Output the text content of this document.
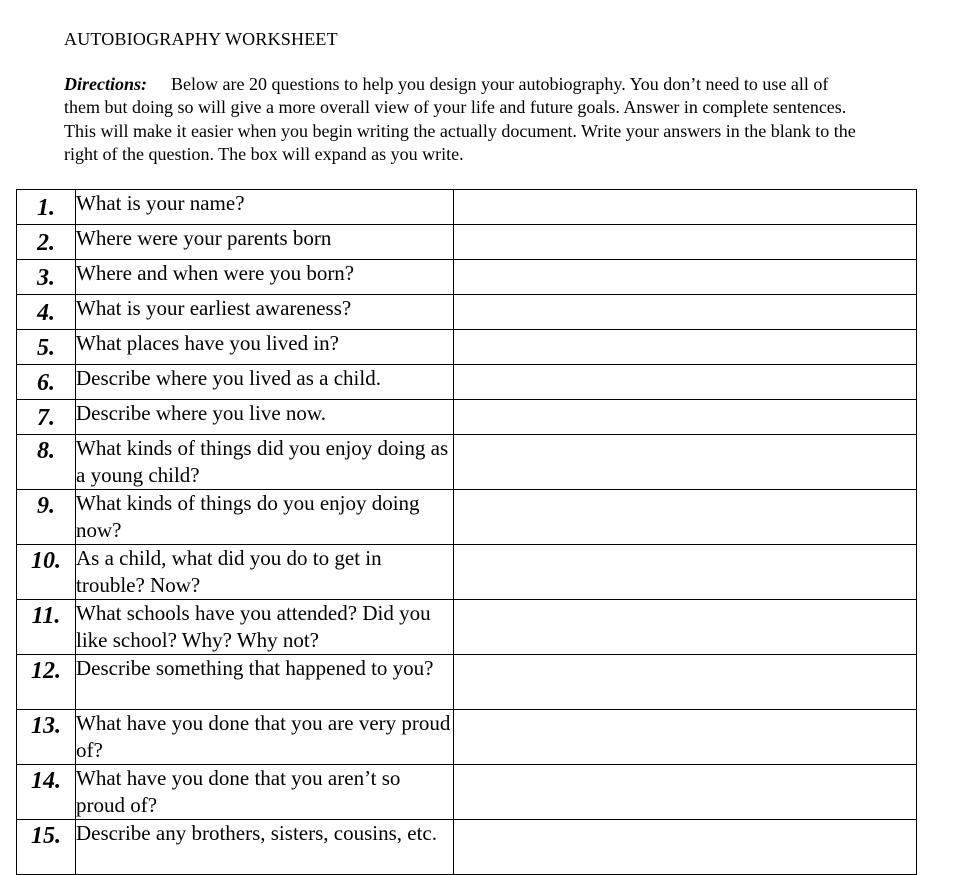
AUTOBIOGRAPHY WORKSHEET
Directions: Below are 20 questions to help you design your autobiography. You don’t need to use all of them but doing so will give a more overall view of your life and future goals. Answer in complete sentences. This will make it easier when you begin writing the actually document. Write your answers in the blank to the right of the question. The box will expand as you write.
1.	What is your name?	
2.	Where were your parents born	
3.	Where and when were you born?	
4.	What is your earliest awareness?	
5.	What places have you lived in?	
6.	Describe where you lived as a child.	
7.	Describe where you live now.	
8.	What kinds of things did you enjoy doing as a young child?	
9.	What kinds of things do you enjoy doing now?	
10.	As a child, what did you do to get in trouble? Now?	
11.	What schools have you attended? Did you like school? Why? Why not?	
12.	Describe something that happened to you?	
13.	What have you done that you are very proud of?	
14.	What have you done that you aren’t so proud of?	
15.	Describe any brothers, sisters, cousins, etc.	
